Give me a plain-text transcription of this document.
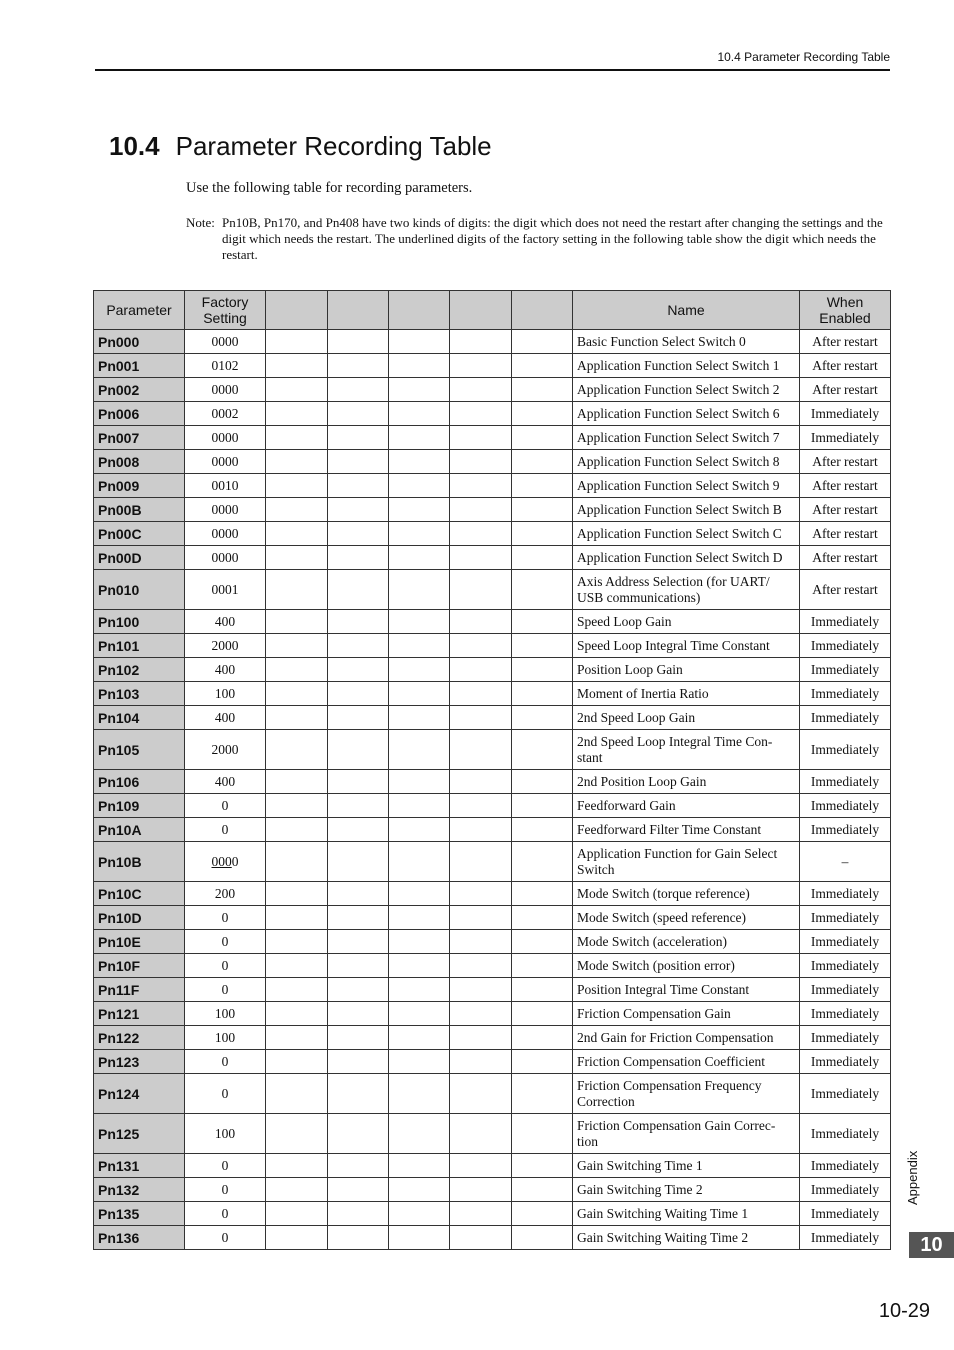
10.4 Parameter Recording Table
10.4 Parameter Recording Table
Use the following table for recording parameters.
Note: Pn10B, Pn170, and Pn408 have two kinds of digits: the digit which does not need the restart after changing the settings and the digit which needs the restart. The underlined digits of the factory setting in the following table show the digit which needs the restart.
Parameter	Factory Setting						Name	When Enabled
Pn000	0000						Basic Function Select Switch 0	After restart
Pn001	0102						Application Function Select Switch 1	After restart
Pn002	0000						Application Function Select Switch 2	After restart
Pn006	0002						Application Function Select Switch 6	Immediately
Pn007	0000						Application Function Select Switch 7	Immediately
Pn008	0000						Application Function Select Switch 8	After restart
Pn009	0010						Application Function Select Switch 9	After restart
Pn00B	0000						Application Function Select Switch B	After restart
Pn00C	0000						Application Function Select Switch C	After restart
Pn00D	0000						Application Function Select Switch D	After restart
Pn010	0001						Axis Address Selection (for UART/ USB communications)	After restart
Pn100	400						Speed Loop Gain	Immediately
Pn101	2000						Speed Loop Integral Time Constant	Immediately
Pn102	400						Position Loop Gain	Immediately
Pn103	100						Moment of Inertia Ratio	Immediately
Pn104	400						2nd Speed Loop Gain	Immediately
Pn105	2000						2nd Speed Loop Integral Time Con- stant	Immediately
Pn106	400						2nd Position Loop Gain	Immediately
Pn109	0						Feedforward Gain	Immediately
Pn10A	0						Feedforward Filter Time Constant	Immediately
Pn10B	0000						Application Function for Gain Select Switch	–
Pn10C	200						Mode Switch (torque reference)	Immediately
Pn10D	0						Mode Switch (speed reference)	Immediately
Pn10E	0						Mode Switch (acceleration)	Immediately
Pn10F	0						Mode Switch (position error)	Immediately
Pn11F	0						Position Integral Time Constant	Immediately
Pn121	100						Friction Compensation Gain	Immediately
Pn122	100						2nd Gain for Friction Compensation	Immediately
Pn123	0						Friction Compensation Coefficient	Immediately
Pn124	0						Friction Compensation Frequency Correction	Immediately
Pn125	100						Friction Compensation Gain Correc- tion	Immediately
Pn131	0						Gain Switching Time 1	Immediately
Pn132	0						Gain Switching Time 2	Immediately
Pn135	0						Gain Switching Waiting Time 1	Immediately
Pn136	0						Gain Switching Waiting Time 2	Immediately
Appendix
10
10-29
